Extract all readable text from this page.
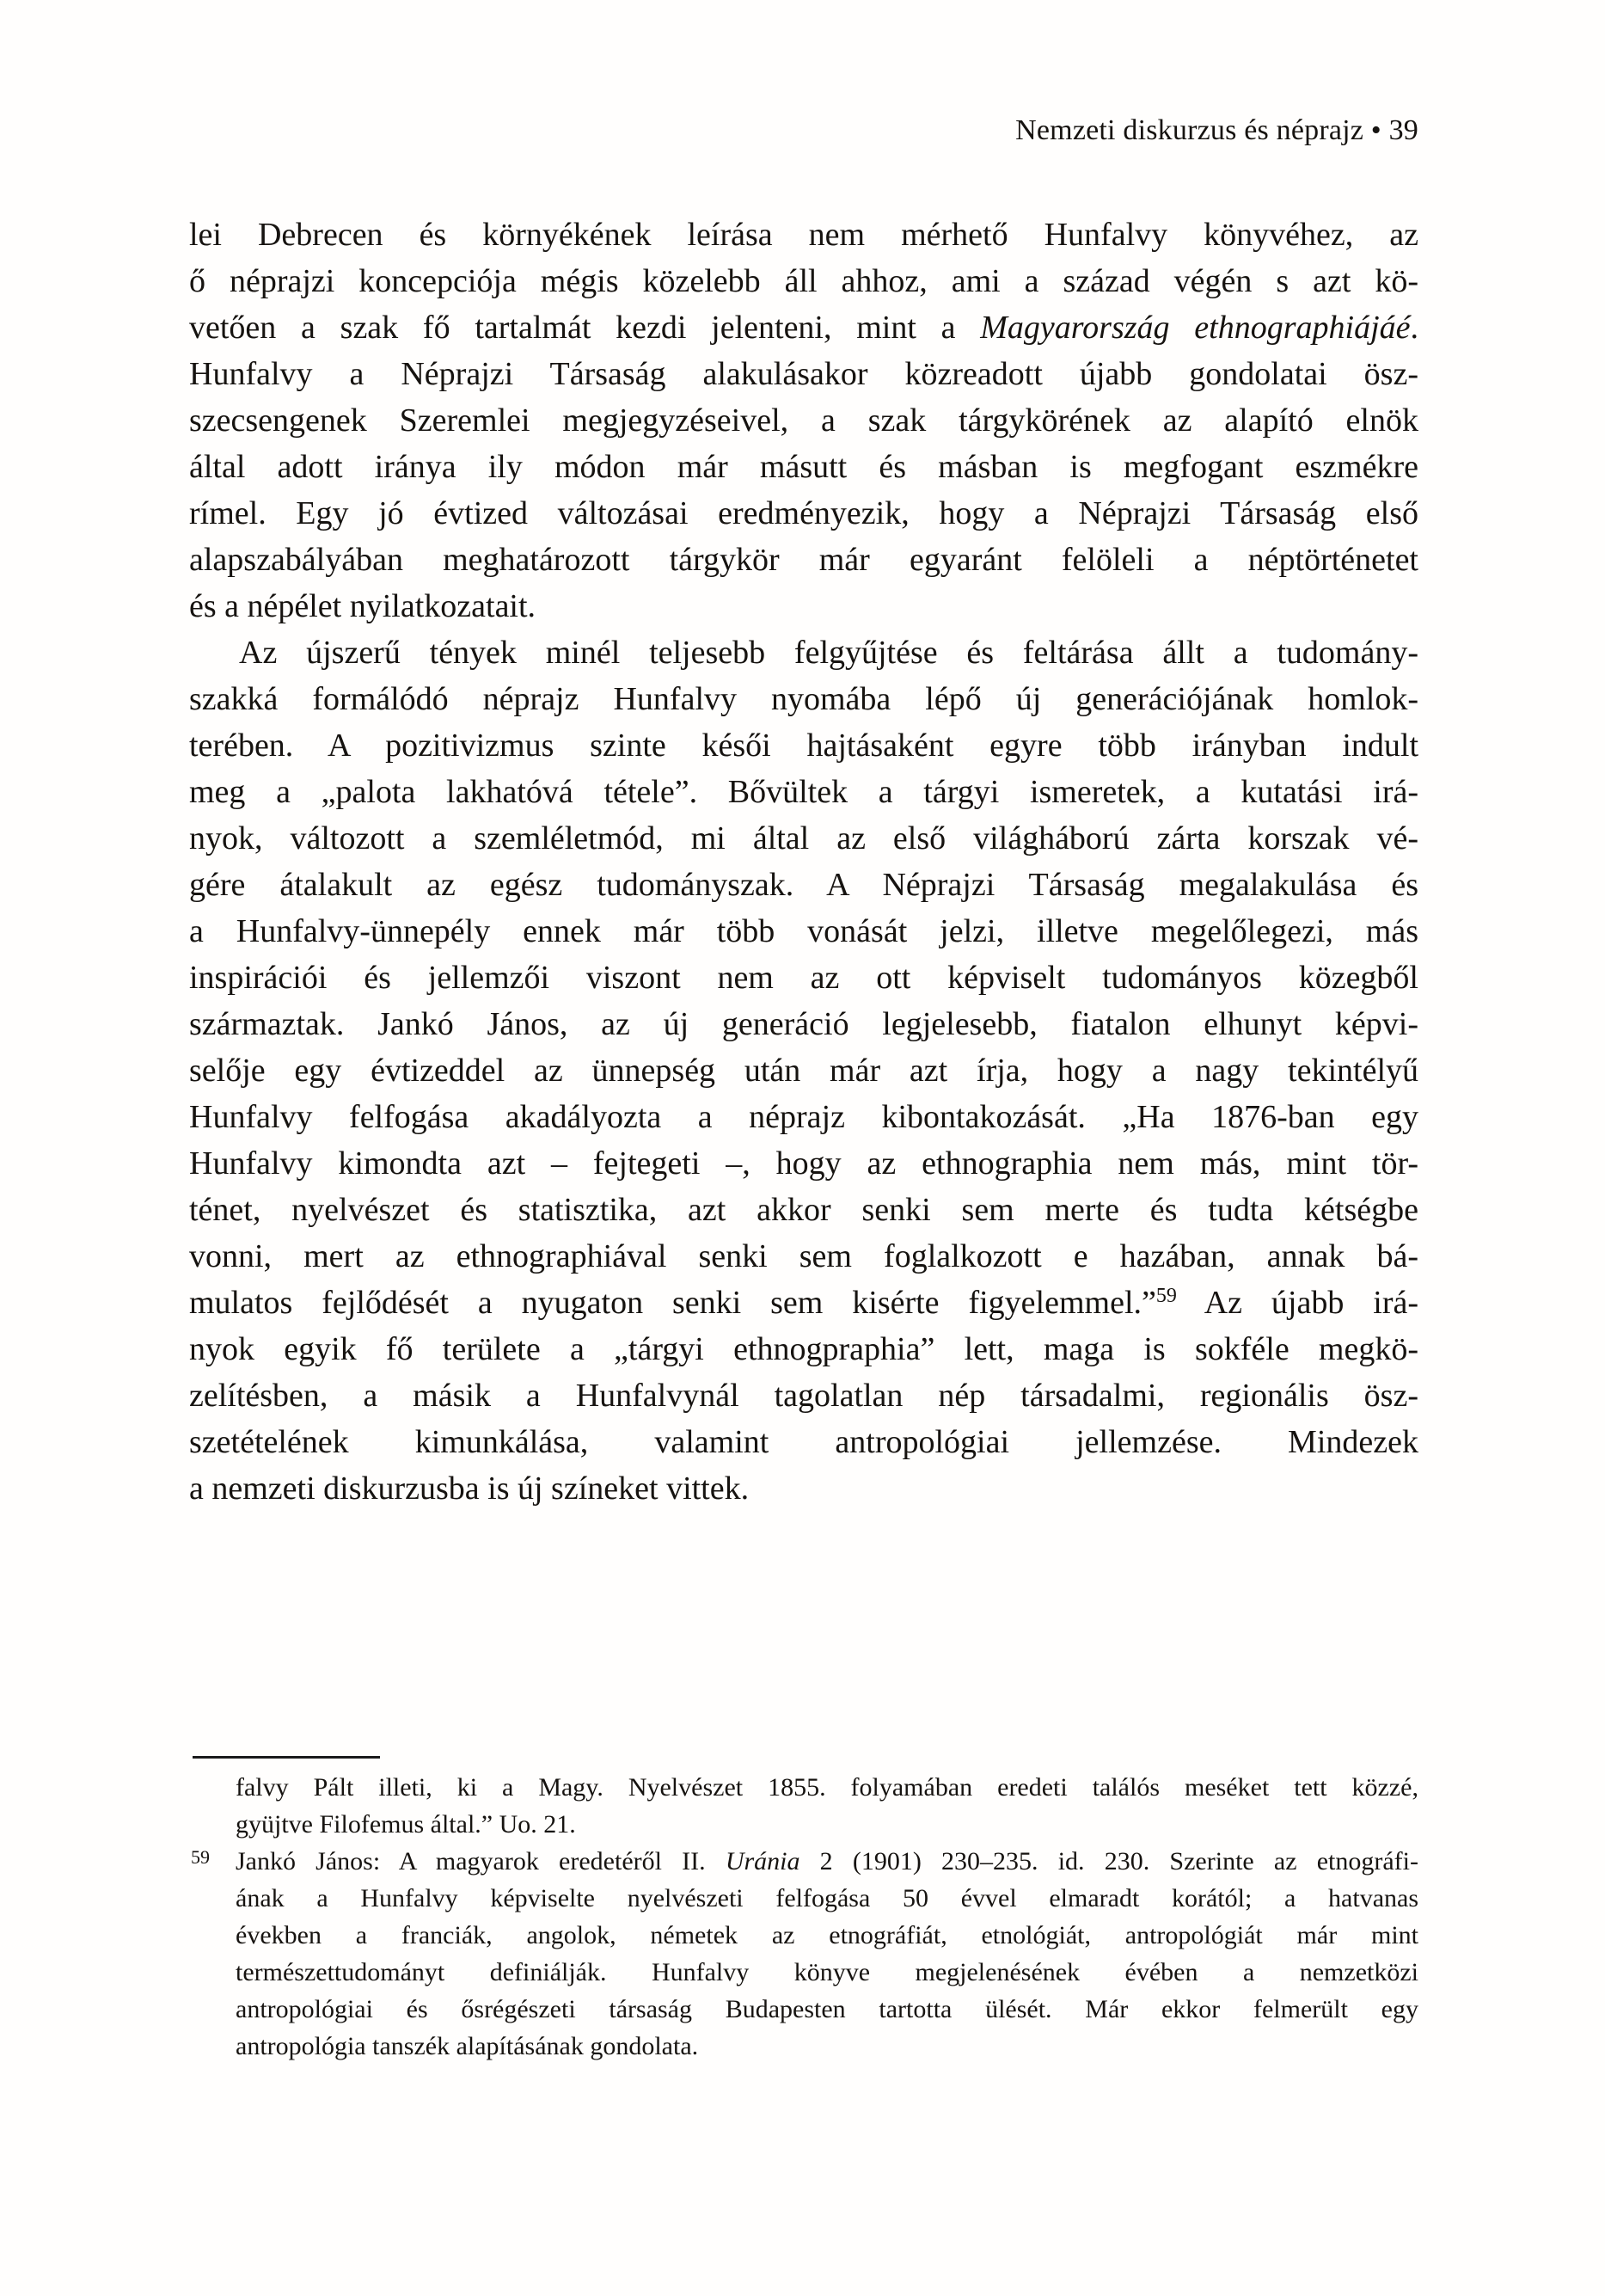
Nemzeti diskurzus és néprajz • 39
lei Debrecen és környékének leírása nem mérhető Hunfalvy könyvéhez, az
ő néprajzi koncepciója mégis közelebb áll ahhoz, ami a század végén s azt kö-
vetően a szak fő tartalmát kezdi jelenteni, mint a Magyarország ethnographiájáé.
Hunfalvy a Néprajzi Társaság alakulásakor közreadott újabb gondolatai ösz-
szecsengenek Szeremlei megjegyzéseivel, a szak tárgykörének az alapító elnök
által adott iránya ily módon már másutt és másban is megfogant eszmékre
rímel. Egy jó évtized változásai eredményezik, hogy a Néprajzi Társaság első
alapszabályában meghatározott tárgykör már egyaránt felöleli a néptörténetet
és a népélet nyilatkozatait.
Az újszerű tények minél teljesebb felgyűjtése és feltárása állt a tudomány-
szakká formálódó néprajz Hunfalvy nyomába lépő új generációjának homlok-
terében. A pozitivizmus szinte késői hajtásaként egyre több irányban indult
meg a „palota lakhatóvá tétele”. Bővültek a tárgyi ismeretek, a kutatási irá-
nyok, változott a szemléletmód, mi által az első világháború zárta korszak vé-
gére átalakult az egész tudományszak. A Néprajzi Társaság megalakulása és
a Hunfalvy-ünnepély ennek már több vonását jelzi, illetve megelőlegezi, más
inspirációi és jellemzői viszont nem az ott képviselt tudományos közegből
származtak. Jankó János, az új generáció legjelesebb, fiatalon elhunyt képvi-
selője egy évtizeddel az ünnepség után már azt írja, hogy a nagy tekintélyű
Hunfalvy felfogása akadályozta a néprajz kibontakozását. „Ha 1876-ban egy
Hunfalvy kimondta azt – fejtegeti –, hogy az ethnographia nem más, mint tör-
ténet, nyelvészet és statisztika, azt akkor senki sem merte és tudta kétségbe
vonni, mert az ethnographiával senki sem foglalkozott e hazában, annak bá-
mulatos fejlődését a nyugaton senki sem kisérte figyelemmel.”$^{59}$ Az újabb irá-
nyok egyik fő területe a „tárgyi ethnogpraphia” lett, maga is sokféle megkö-
zelítésben, a másik a Hunfalvynál tagolatlan nép társadalmi, regionális ösz-
szetételének kimunkálása, valamint antropológiai jellemzése. Mindezek
a nemzeti diskurzusba is új színeket vittek.
falvy Pált illeti, ki a Magy. Nyelvészet 1855. folyamában eredeti találós meséket tett közzé,
gyüjtve Filofemus által.” Uo. 21.
59 Jankó János: A magyarok eredetéről II. Uránia 2 (1901) 230–235. id. 230. Szerinte az etnográfi-
ának a Hunfalvy képviselte nyelvészeti felfogása 50 évvel elmaradt korától; a hatvanas
években a franciák, angolok, németek az etnográfiát, etnológiát, antropológiát már mint
természettudományt definiálják. Hunfalvy könyve megjelenésének évében a nemzetközi
antropológiai és ősrégészeti társaság Budapesten tartotta ülését. Már ekkor felmerült egy
antropológia tanszék alapításának gondolata.
